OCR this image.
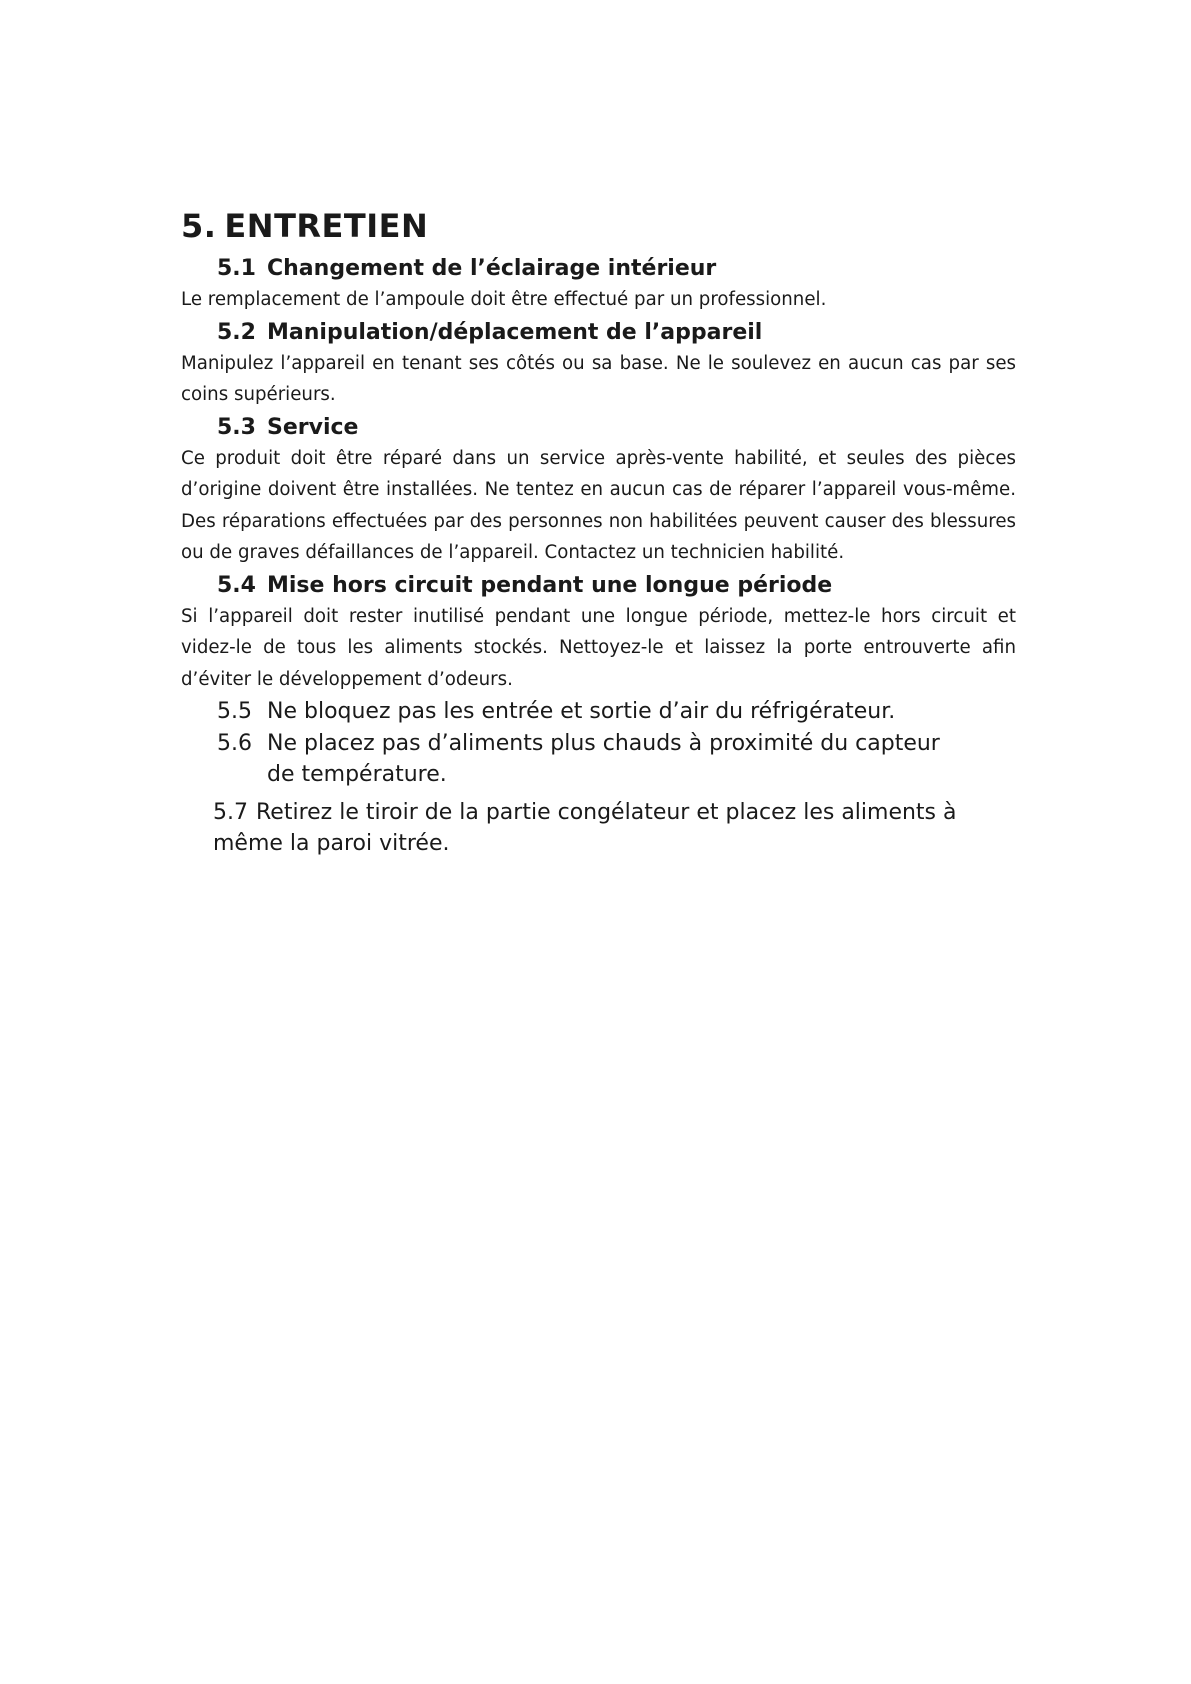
5. ENTRETIEN
5.1 Changement de l’éclairage intérieur

Le remplacement de l’ampoule doit être effectué par un professionnel.

5.2 Manipulation/déplacement de l’appareil

Manipulez l’appareil en tenant ses côtés ou sa base. Ne le soulevez en aucun cas par ses coins supérieurs.

5.3 Service

Ce produit doit être réparé dans un service après-vente habilité, et seules des pièces d’origine doivent être installées. Ne tentez en aucun cas de réparer l’appareil vous-même. Des réparations effectuées par des personnes non habilitées peuvent causer des blessures ou de graves défaillances de l’appareil. Contactez un technicien habilité.

5.4 Mise hors circuit pendant une longue période

Si l’appareil doit rester inutilisé pendant une longue période, mettez-le hors circuit et videz-le de tous les aliments stockés. Nettoyez-le et laissez la porte entrouverte afin d’éviter le développement d’odeurs.

5.5 Ne bloquez pas les entrée et sortie d’air du réfrigérateur.
5.6 Ne placez pas d’aliments plus chauds à proximité du capteur de température.
5.7 Retirez le tiroir de la partie congélateur et placez les aliments à même la paroi vitrée.
